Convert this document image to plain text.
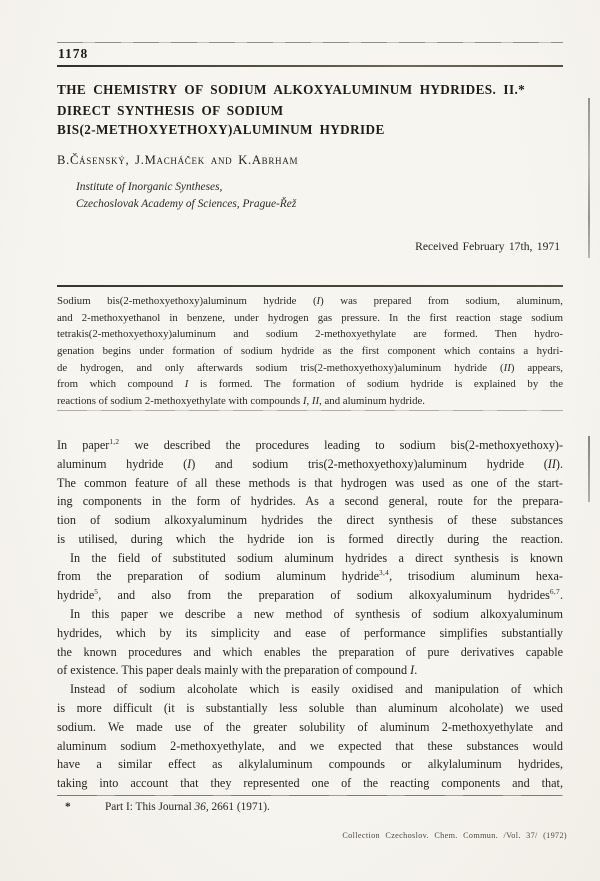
1178
THE CHEMISTRY OF SODIUM ALKOXYALUMINUM HYDRIDES. II.*
DIRECT SYNTHESIS OF SODIUM
BIS(2-METHOXYETHOXY)ALUMINUM HYDRIDE
B.Čásenský, J.Macháček and K.Abrham
Institute of Inorganic Syntheses,
Czechoslovak Academy of Sciences, Prague-Řež
Received February 17th, 1971
Sodium bis(2-methoxyethoxy)aluminum hydride (I) was prepared from sodium, aluminum,
and 2-methoxyethanol in benzene, under hydrogen gas pressure. In the first reaction stage sodium
tetrakis(2-methoxyethoxy)aluminum and sodium 2-methoxyethylate are formed. Then hydro-
genation begins under formation of sodium hydride as the first component which contains a hydri-
de hydrogen, and only afterwards sodium tris(2-methoxyethoxy)aluminum hydride (II) appears,
from which compound I is formed. The formation of sodium hydride is explained by the
reactions of sodium 2-methoxyethylate with compounds I, II, and aluminum hydride.
In paper$^{1,2}$ we described the procedures leading to sodium bis(2-methoxyethoxy)-
aluminum hydride (I) and sodium tris(2-methoxyethoxy)aluminum hydride (II).
The common feature of all these methods is that hydrogen was used as one of the start-
ing components in the form of hydrides. As a second general, route for the prepara-
tion of sodium alkoxyaluminum hydrides the direct synthesis of these substances
is utilised, during which the hydride ion is formed directly during the reaction.
In the field of substituted sodium aluminum hydrides a direct synthesis is known
from the preparation of sodium aluminum hydride$^{3,4}$, trisodium aluminum hexa-
hydride$^5$, and also from the preparation of sodium alkoxyaluminum hydrides$^{6,7}$.
In this paper we describe a new method of synthesis of sodium alkoxyaluminum
hydrides, which by its simplicity and ease of performance simplifies substantially
the known procedures and which enables the preparation of pure derivatives capable
of existence. This paper deals mainly with the preparation of compound I.
Instead of sodium alcoholate which is easily oxidised and manipulation of which
is more difficult (it is substantially less soluble than aluminum alcoholate) we used
sodium. We made use of the greater solubility of aluminum 2-methoxyethylate and
aluminum sodium 2-methoxyethylate, and we expected that these substances would
have a similar effect as alkylaluminum compounds or alkylaluminum hydrides,
taking into account that they represented one of the reacting components and that,
*	Part I: This Journal 36, 2661 (1971).
Collection Czechoslov. Chem. Commun. /Vol. 37/ (1972)
